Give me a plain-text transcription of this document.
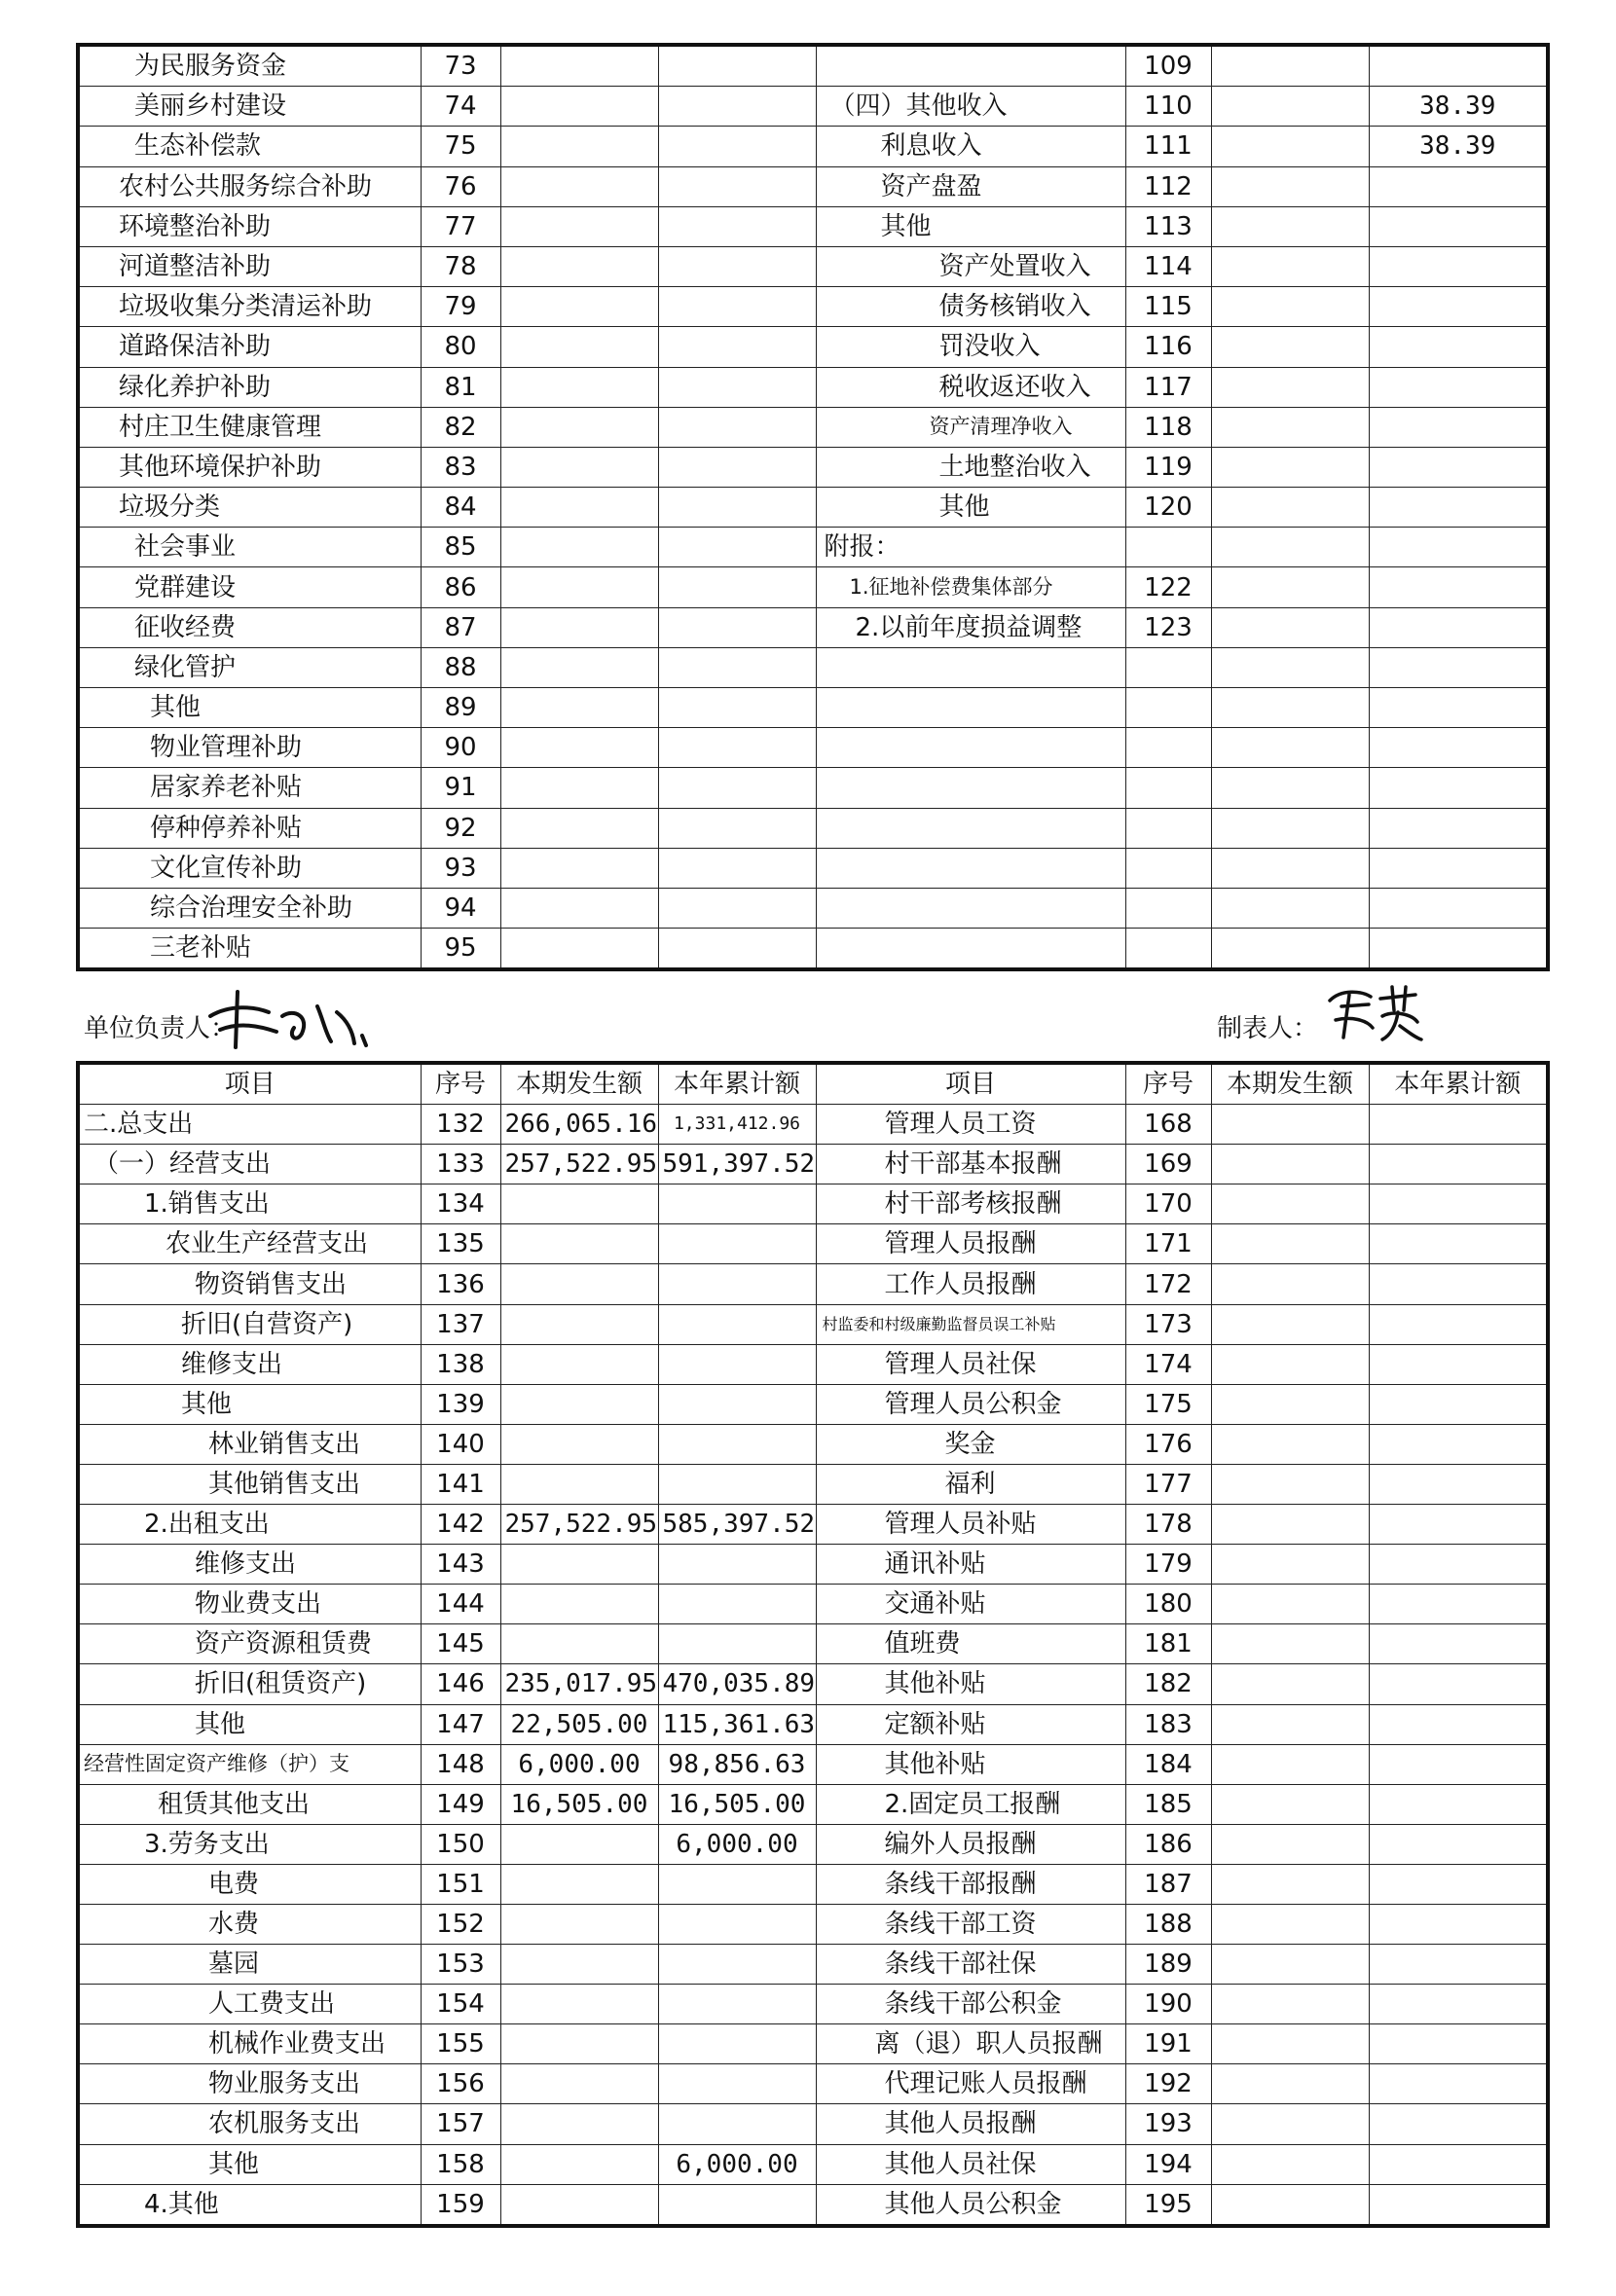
为民服务资金	73				109		
美丽乡村建设	74			（四）其他收入	110		38.39
生态补偿款	75			利息收入	111		38.39
农村公共服务综合补助	76			资产盘盈	112		
环境整治补助	77			其他	113		
河道整洁补助	78			资产处置收入	114		
垃圾收集分类清运补助	79			债务核销收入	115		
道路保洁补助	80			罚没收入	116		
绿化养护补助	81			税收返还收入	117		
村庄卫生健康管理	82			资产清理净收入	118		
其他环境保护补助	83			土地整治收入	119		
垃圾分类	84			其他	120		
社会事业	85			附报：			
党群建设	86			1.征地补偿费集体部分	122		
征收经费	87			2.以前年度损益调整	123		
绿化管护	88						
其他	89						
物业管理补助	90						
居家养老补贴	91						
停种停养补贴	92						
文化宣传补助	93						
综合治理安全补助	94						
三老补贴	95						
单位负责人：	制表人：
项目	序号	本期发生额	本年累计额	项目	序号	本期发生额	本年累计额
二.总支出	132	266,065.16	1,331,412.96	管理人员工资	168		
（一）经营支出	133	257,522.95	591,397.52	村干部基本报酬	169		
1.销售支出	134			村干部考核报酬	170		
农业生产经营支出	135			管理人员报酬	171		
物资销售支出	136			工作人员报酬	172		
折旧(自营资产)	137			村监委和村级廉勤监督员误工补贴	173		
维修支出	138			管理人员社保	174		
其他	139			管理人员公积金	175		
林业销售支出	140			奖金	176		
其他销售支出	141			福利	177		
2.出租支出	142	257,522.95	585,397.52	管理人员补贴	178		
维修支出	143			通讯补贴	179		
物业费支出	144			交通补贴	180		
资产资源租赁费	145			值班费	181		
折旧(租赁资产)	146	235,017.95	470,035.89	其他补贴	182		
其他	147	22,505.00	115,361.63	定额补贴	183		
经营性固定资产维修（护）支	148	6,000.00	98,856.63	其他补贴	184		
租赁其他支出	149	16,505.00	16,505.00	2.固定员工报酬	185		
3.劳务支出	150		6,000.00	编外人员报酬	186		
电费	151			条线干部报酬	187		
水费	152			条线干部工资	188		
墓园	153			条线干部社保	189		
人工费支出	154			条线干部公积金	190		
机械作业费支出	155			离（退）职人员报酬	191		
物业服务支出	156			代理记账人员报酬	192		
农机服务支出	157			其他人员报酬	193		
其他	158		6,000.00	其他人员社保	194		
4.其他	159			其他人员公积金	195		
